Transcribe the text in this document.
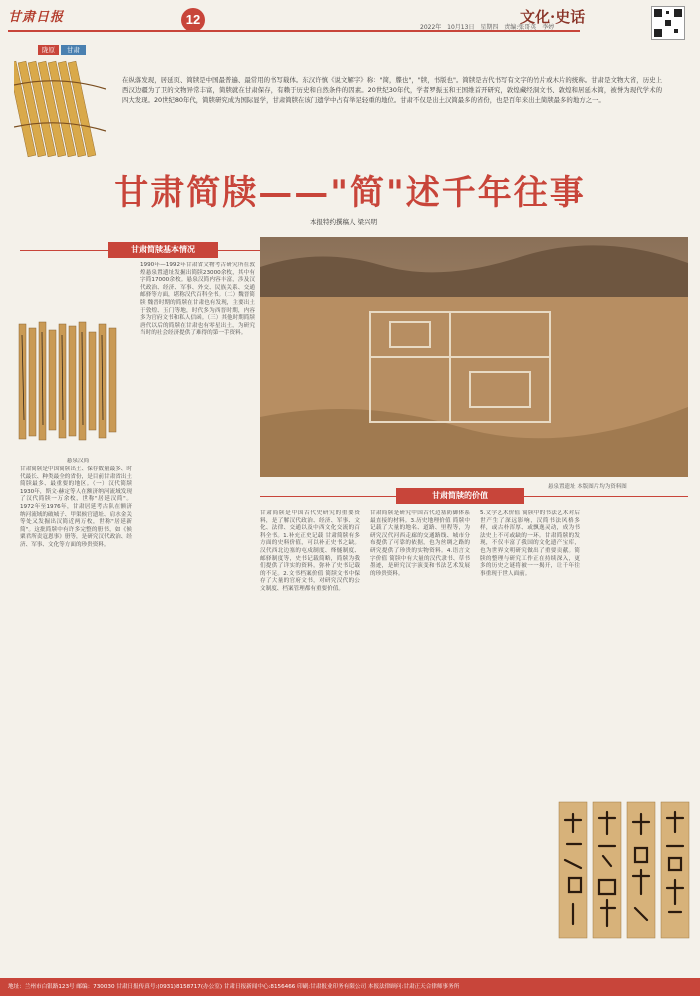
甘肃日报	12
2022年 10月13日 星期四 责编:张哥英 李婷
文化·史话
陇原 甘肃
在纵落发现，居延页、简牍是中国最普遍、最常用的书写载体。东汉许慎《说文解字》称："简，牒也"，"牍，书版也"。简牍是古代书写有文字的竹片或木片的统称。甘肃是文物大省，历史上西汉边疆为了卫的文物异常丰富，简牍就在甘肃保存，有赖于历史和自然条件的因素。20世纪30年代，学者罗振玉和王国维首开研究，敦煌藏经洞文书、敦煌和居延木简，被誉为现代学术的四大发现。20世纪80年代，简牍研究成为国际显学，甘肃简牍在该门遗学中占有举足轻重的地位。甘肃不仅是出土汉简最多的省份，也是百年来出土简牍最多的地方之一。
甘肃简牍——"简"述千年往事
本报特约撰稿人 梁兴明
甘肃简牍基本情况
悬泉汉简
甘肃简牍是中国简牍出土、保存数量最多、时代最长、种类最全的省份，是目前甘肃省出土简牍最多、最重要的地区。（一）汉代简牍 1930年，斯文·赫定等人在额济纳河流域发现了汉代简牍一万余枚，世称"居延汉简"。1972年至1976年，甘肃居延考古队在额济纳河流域的破城子、甲渠候官遗址、肩水金关等处又发掘出汉简近两万枚，世称"居延新简"。这批简牍中有许多完整的册书，如《候粟君所责寇恩事》册等，是研究汉代政治、经济、军事、文化等方面的珍贵资料。
1990年—1992年甘肃省文物考古研究所在敦煌悬泉置遗址发掘出简牍23000余枚，其中有字简17000余枚。悬泉汉简内容丰富，涉及汉代政治、经济、军事、外交、民族关系、交通邮驿等方面，堪称汉代百科全书。（二）魏晋简牍 魏晋时期的简牍在甘肃也有发现，主要出土于敦煌、玉门等地，时代多为西晋时期，内容多为官府文书和私人信函。（三）其他时期简牍 唐代以后的简牍在甘肃也有零星出土，为研究当时的社会经济提供了难得的第一手资料。
悬泉置遗址 本版图片均为资料图
甘肃简牍的价值
甘肃简牍是中国古代史研究的重要资料，是了解汉代政治、经济、军事、文化、法律、交通以及中西文化交流的百科全书。1.补充正史记载 甘肃简牍有多方面的史料价值，可以补正史书之缺。汉代西北边塞的屯戍制度、烽燧制度、邮驿制度等，史书记载简略，简牍为我们提供了详实的资料，弥补了史书记载的不足。2.文书档案价值 简牍文书中保存了大量的官府文书，对研究汉代的公文制度、档案管理都有重要价值。
甘肃简牍是研究中国古代边塞防御体系最直接的材料。3.历史地理价值 简牍中记载了大量的地名、道路、里程等，为研究汉代河西走廊的交通路线、城市分布提供了可靠的依据，也为丝绸之路的研究提供了珍贵的实物资料。4.语言文字价值 简牍中有大量的汉代隶书、草书墨迹，是研究汉字演变和书法艺术发展的珍贵资料。
5.文学艺术价值 简牍中的书法艺术对后世产生了深远影响，汉简书法风格多样，或古朴浑厚、或飘逸灵动，成为书法史上不可或缺的一环。甘肃简牍的发现，不仅丰富了我国的文化遗产宝库，也为世界文明研究做出了重要贡献。简牍的整理与研究工作正在持续深入，更多的历史之谜将被一一揭开，让千年往事重现于世人面前。
地址：兰州市白银路123号 邮编：730030 甘肃日报传真号:(0931)8158717(办公室) 甘肃日报新闻中心:8156466 印刷:甘肃报业印务有限公司 本报法律顾问:甘肃正天合律师事务所
